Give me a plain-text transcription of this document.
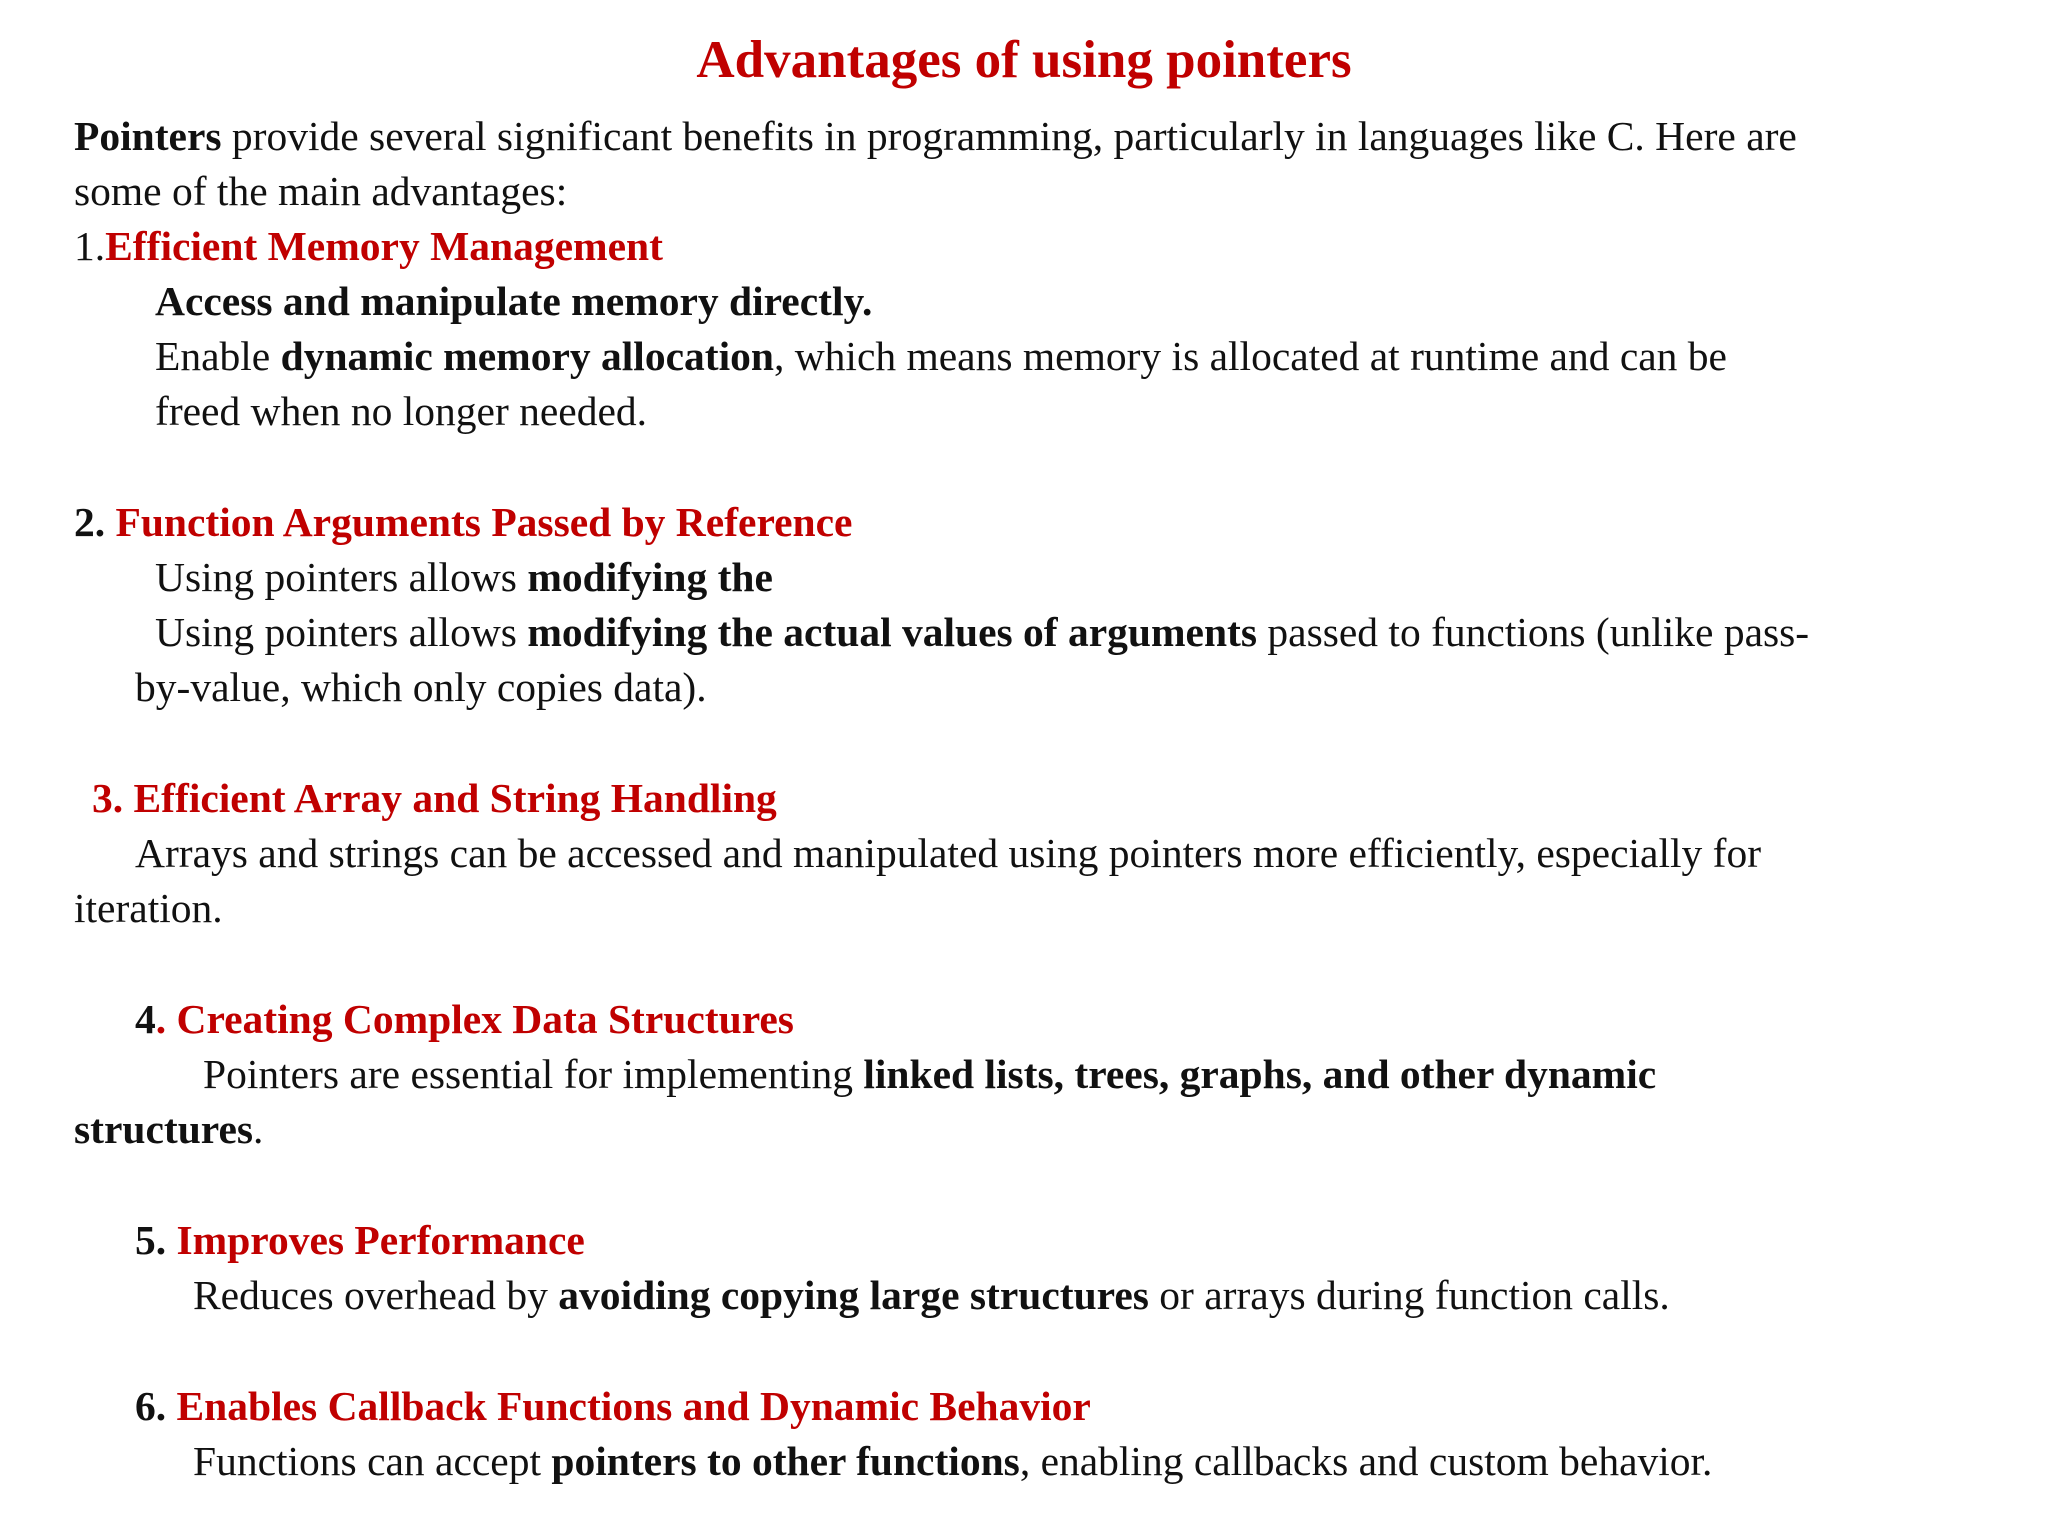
Advantages of using pointers
Pointers provide several significant benefits in programming, particularly in languages like C. Here are
some of the main advantages:
1.Efficient Memory Management
Access and manipulate memory directly.
Enable dynamic memory allocation, which means memory is allocated at runtime and can be
freed when no longer needed.
2. Function Arguments Passed by Reference
Using pointers allows modifying the
Using pointers allows modifying the actual values of arguments passed to functions (unlike pass-
by-value, which only copies data).
3. Efficient Array and String Handling
Arrays and strings can be accessed and manipulated using pointers more efficiently, especially for
iteration.
4. Creating Complex Data Structures
Pointers are essential for implementing linked lists, trees, graphs, and other dynamic
structures.
5. Improves Performance
Reduces overhead by avoiding copying large structures or arrays during function calls.
6. Enables Callback Functions and Dynamic Behavior
Functions can accept pointers to other functions, enabling callbacks and custom behavior.
